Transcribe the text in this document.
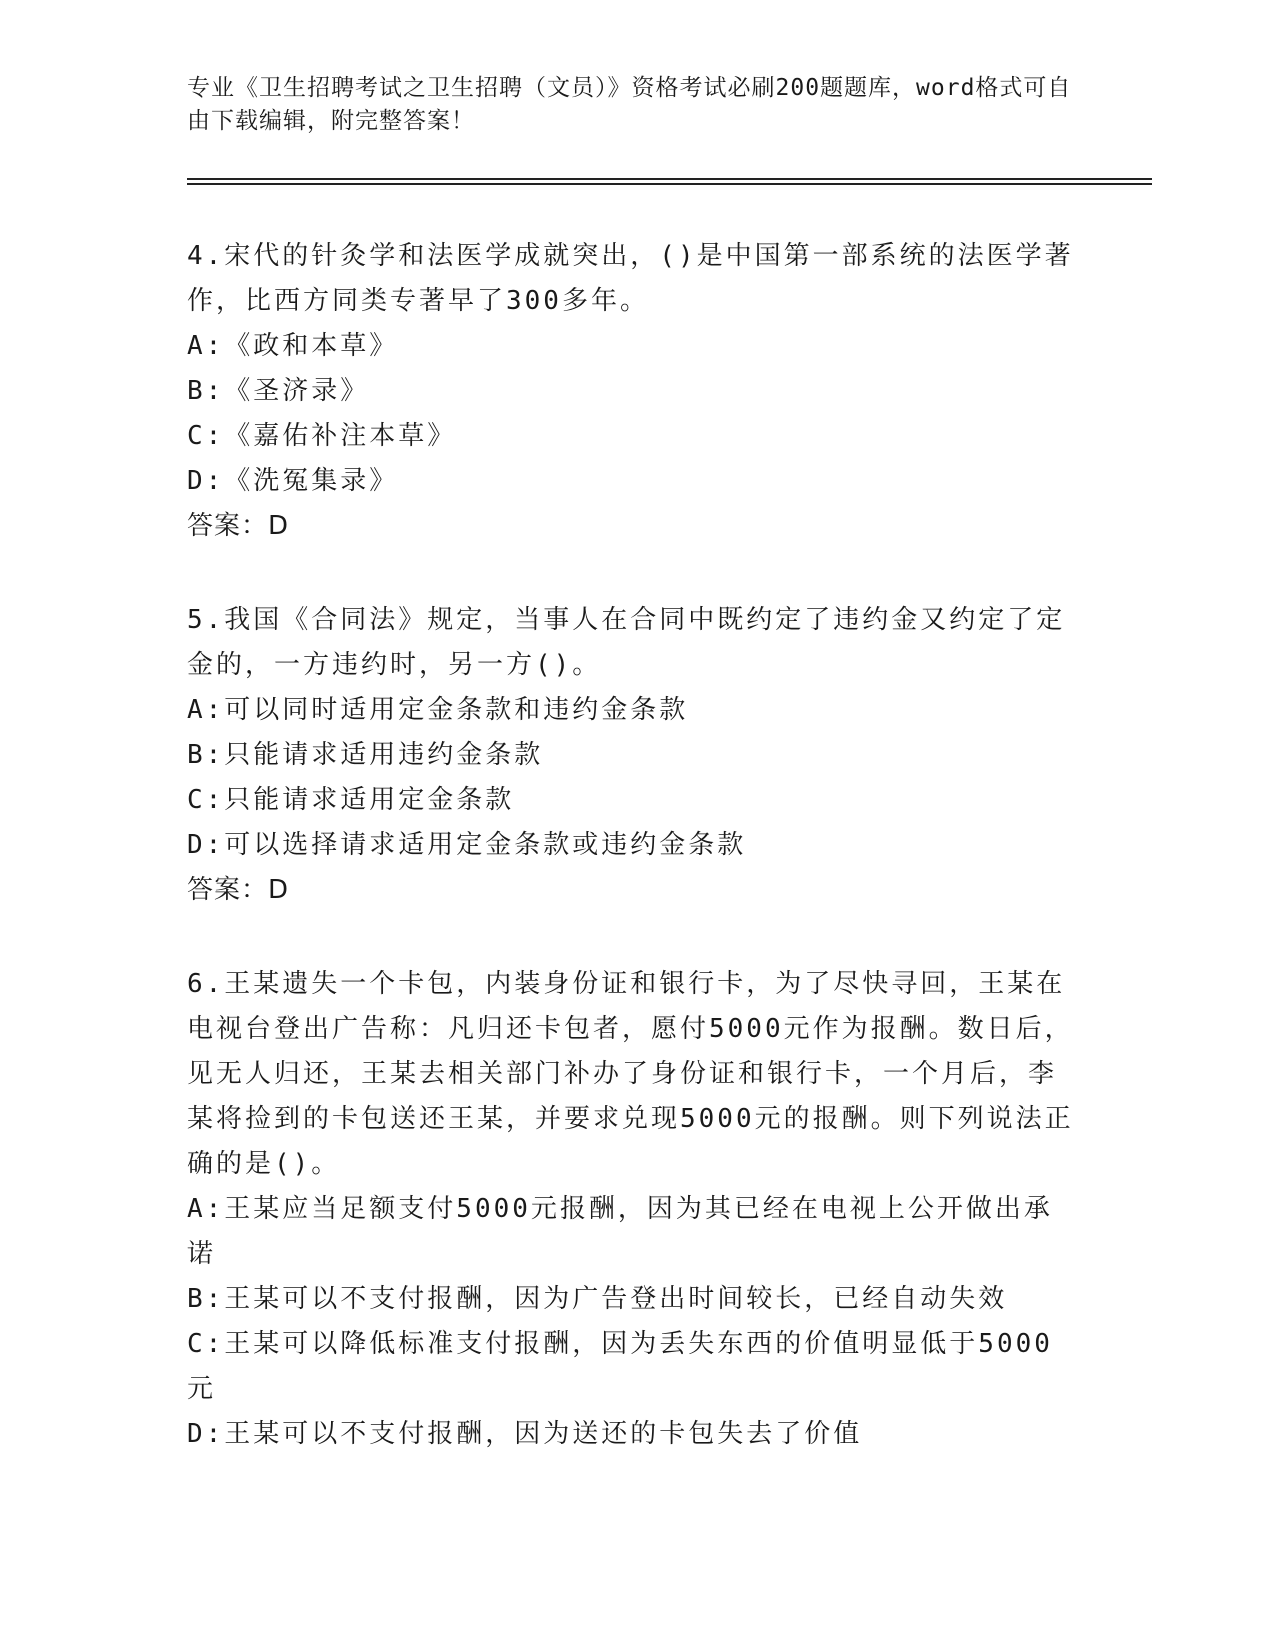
专业《卫生招聘考试之卫生招聘（文员）》资格考试必刷200题题库，word格式可自由下载编辑，附完整答案！

4.宋代的针灸学和法医学成就突出，()是中国第一部系统的法医学著作，比西方同类专著早了300多年。

A:《政和本草》

B:《圣济录》

C:《嘉佑补注本草》

D:《洗冤集录》

答案：D

5.我国《合同法》规定，当事人在合同中既约定了违约金又约定了定金的，一方违约时，另一方()。

A:可以同时适用定金条款和违约金条款

B:只能请求适用违约金条款

C:只能请求适用定金条款

D:可以选择请求适用定金条款或违约金条款

答案：D

6.王某遗失一个卡包，内装身份证和银行卡，为了尽快寻回，王某在电视台登出广告称：凡归还卡包者，愿付5000元作为报酬。数日后，见无人归还，王某去相关部门补办了身份证和银行卡，一个月后，李某将捡到的卡包送还王某，并要求兑现5000元的报酬。则下列说法正确的是()。

A:王某应当足额支付5000元报酬，因为其已经在电视上公开做出承诺

B:王某可以不支付报酬，因为广告登出时间较长，已经自动失效

C:王某可以降低标准支付报酬，因为丢失东西的价值明显低于5000元

D:王某可以不支付报酬，因为送还的卡包失去了价值
